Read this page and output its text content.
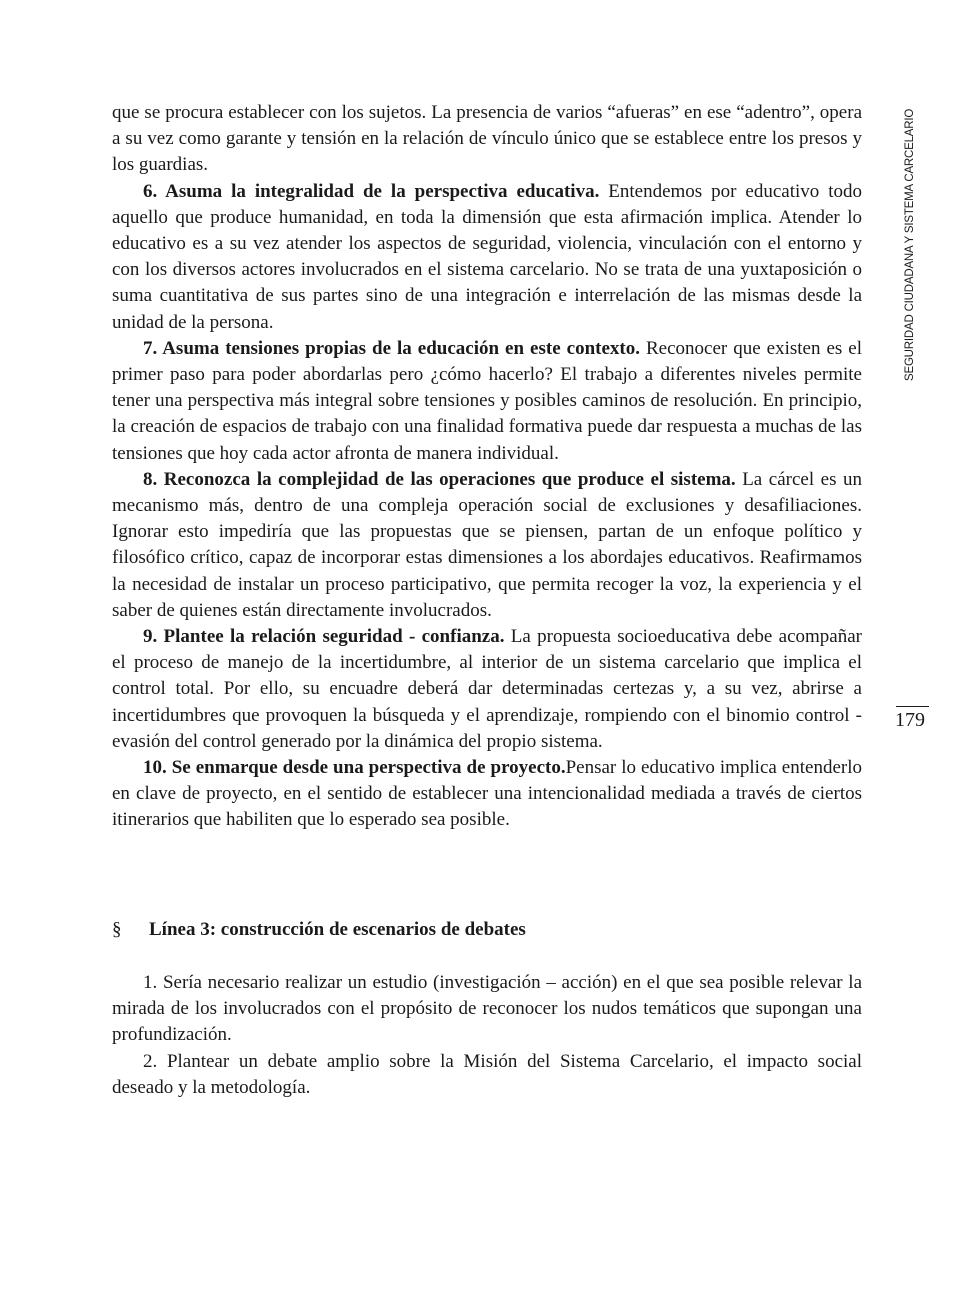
SEGURIDAD CIUDADANA Y SISTEMA CARCELARIO
179

que se procura establecer con los sujetos. La presencia de varios “afueras” en ese “adentro”, opera a su vez como garante y tensión en la relación de vínculo único que se establece entre los presos y los guardias.

6. Asuma la integralidad de la perspectiva educativa. Entendemos por educativo todo aquello que produce humanidad, en toda la dimensión que esta afirmación implica. Atender lo educativo es a su vez atender los aspectos de seguridad, violencia, vinculación con el entorno y con los diversos actores involucrados en el sistema carcelario. No se trata de una yuxtaposición o suma cuantitativa de sus partes sino de una integración e interrelación de las mismas desde la unidad de la persona.

7. Asuma tensiones propias de la educación en este contexto. Reconocer que existen es el primer paso para poder abordarlas pero ¿cómo hacerlo? El trabajo a diferentes niveles permite tener una perspectiva más integral sobre tensiones y posibles caminos de resolución. En principio, la creación de espacios de trabajo con una finalidad formativa puede dar respuesta a muchas de las tensiones que hoy cada actor afronta de manera individual.

8. Reconozca la complejidad de las operaciones que produce el sistema. La cárcel es un mecanismo más, dentro de una compleja operación social de exclusiones y desafiliaciones. Ignorar esto impediría que las propuestas que se piensen, partan de un enfoque político y filosófico crítico, capaz de incorporar estas dimensiones a los abordajes educativos. Reafirmamos la necesidad de instalar un proceso participativo, que permita recoger la voz, la experiencia y el saber de quienes están directamente involucrados.

9. Plantee la relación seguridad - confianza. La propuesta socioeducativa debe acompañar el proceso de manejo de la incertidumbre, al interior de un sistema carcelario que implica el control total. Por ello, su encuadre deberá dar determinadas certezas y, a su vez, abrirse a incertidumbres que provoquen la búsqueda y el aprendizaje, rompiendo con el binomio control - evasión del control generado por la dinámica del propio sistema.

10. Se enmarque desde una perspectiva de proyecto.Pensar lo educativo implica entenderlo en clave de proyecto, en el sentido de establecer una intencionalidad mediada a través de ciertos itinerarios que habiliten que lo esperado sea posible.

§ Línea 3: construcción de escenarios de debates

1. Sería necesario realizar un estudio (investigación – acción) en el que sea posible relevar la mirada de los involucrados con el propósito de reconocer los nudos temáticos que supongan una profundización.

2. Plantear un debate amplio sobre la Misión del Sistema Carcelario, el impacto social deseado y la metodología.
